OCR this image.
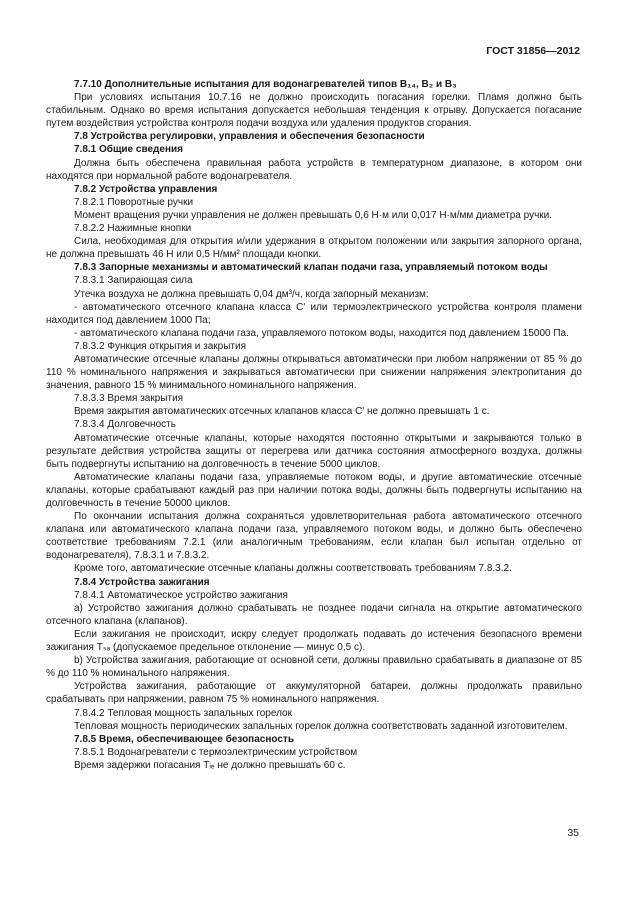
ГОСТ 31856—2012

7.7.10 Дополнительные испытания для водонагревателей типов B₁₄, B₂ и B₃

При условиях испытания 10.7.16 не должно происходить погасания горелки. Пламя должно быть стабильным. Однако во время испытания допускается небольшая тенденция к отрыву. Допускается погасание путем воздействия устройства контроля подачи воздуха или удаления продуктов сгорания.

7.8 Устройства регулировки, управления и обеспечения безопасности

7.8.1 Общие сведения

Должна быть обеспечена правильная работа устройств в температурном диапазоне, в котором они находятся при нормальной работе водонагревателя.

7.8.2 Устройства управления

7.8.2.1 Поворотные ручки

Момент вращения ручки управления не должен превышать 0,6 Н·м или 0,017 Н·м/мм диаметра ручки.

7.8.2.2 Нажимные кнопки

Сила, необходимая для открытия и/или удержания в открытом положении или закрытия запорного органа, не должна превышать 46 Н или 0,5 Н/мм² площади кнопки.

7.8.3 Запорные механизмы и автоматический клапан подачи газа, управляемый потоком воды

7.8.3.1 Запирающая сила

Утечка воздуха не должна превышать 0,04 дм³/ч, когда запорный механизм:

- автоматического отсечного клапана класса С' или термоэлектрического устройства контроля пламени находится под давлением 1000 Па;

- автоматического клапана подачи газа, управляемого потоком воды, находится под давлением 15000 Па.

7.8.3.2 Функция открытия и закрытия

Автоматические отсечные клапаны должны открываться автоматически при любом напряжении от 85 % до 110 % номинального напряжения и закрываться автоматически при снижении напряжения электропитания до значения, равного 15 % минимального номинального напряжения.

7.8.3.3 Время закрытия

Время закрытия автоматических отсечных клапанов класса С' не должно превышать 1 с.

7.8.3.4 Долговечность

Автоматические отсечные клапаны, которые находятся постоянно открытыми и закрываются только в результате действия устройства защиты от перегрева или датчика состояния атмосферного воздуха, должны быть подвергнуты испытанию на долговечность в течение 5000 циклов.

Автоматические клапаны подачи газа, управляемые потоком воды, и другие автоматические отсечные клапаны, которые срабатывают каждый раз при наличии потока воды, должны быть подвергнуты испытанию на долговечность в течение 50000 циклов.

По окончании испытания должна сохраняться удовлетворительная работа автоматического отсечного клапана или автоматического клапана подачи газа, управляемого потоком воды, и должно быть обеспечено соответствие требованиям 7.2.1 (или аналогичным требованиям, если клапан был испытан отдельно от водонагревателя), 7.8.3.1 и 7.8.3.2.

Кроме того, автоматические отсечные клапаны должны соответствовать требованиям 7.8.3.2.

7.8.4 Устройства зажигания

7.8.4.1 Автоматическое устройство зажигания

a) Устройство зажигания должно срабатывать не позднее подачи сигнала на открытие автоматического отсечного клапана (клапанов).

Если зажигания не происходит, искру следует продолжать подавать до истечения безопасного времени зажигания Tₛₐ (допускаемое предельное отклонение — минус 0,5 с).

b) Устройства зажигания, работающие от основной сети, должны правильно срабатывать в диапазоне от 85 % до 110 % номинального напряжения.

Устройства зажигания, работающие от аккумуляторной батареи, должны продолжать правильно срабатывать при напряжении, равном 75 % номинального напряжения.

7.8.4.2 Тепловая мощность запальных горелок

Тепловая мощность периодических запальных горелок должна соответствовать заданной изготовителем.

7.8.5 Время, обеспечивающее безопасность

7.8.5.1 Водонагреватели с термоэлектрическим устройством

Время задержки погасания Tᵢₑ не должно превышать 60 с.

35
